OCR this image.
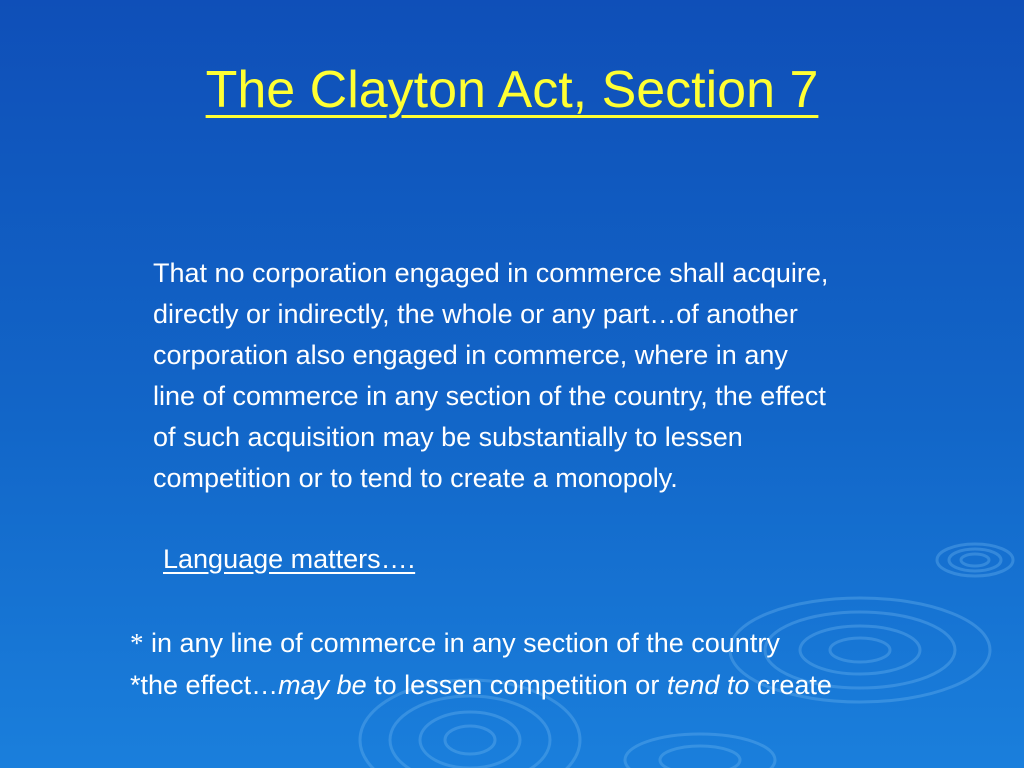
The Clayton Act, Section 7
That no corporation engaged in commerce shall acquire,
directly or indirectly, the whole or any part…of another
corporation also engaged in commerce, where in any
line of commerce in any section of the country, the effect
of such acquisition may be substantially to lessen
competition or to tend to create a monopoly.
Language matters….
* in any line of commerce in any section of the country
*the effect…may be to lessen competition or tend to create
